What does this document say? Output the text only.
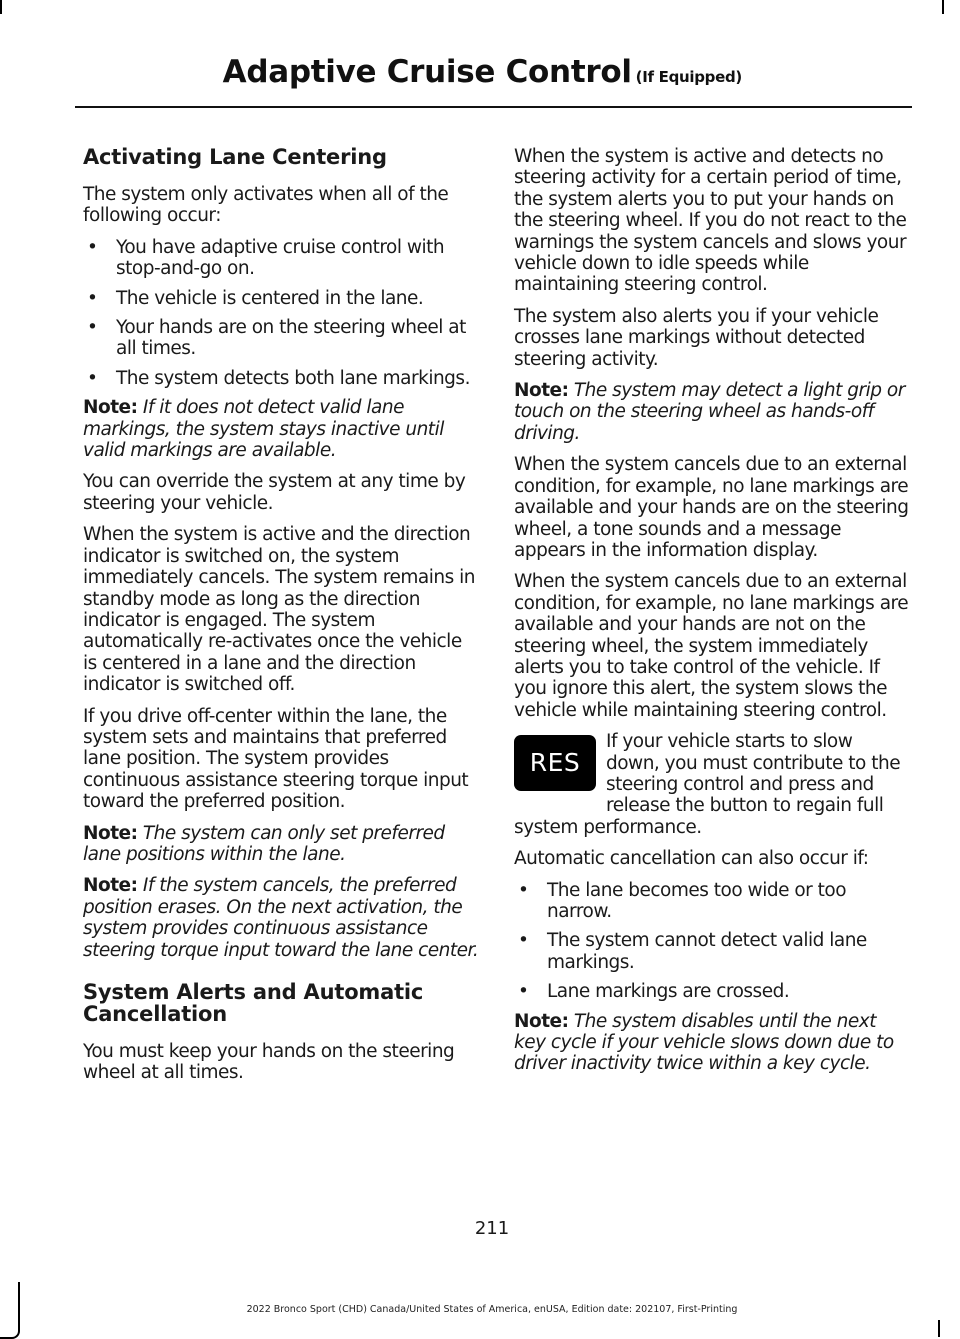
Adaptive Cruise Control (If Equipped)
Activating Lane Centering

The system only activates when all of the following occur:

• You have adaptive cruise control with stop-and-go on.
• The vehicle is centered in the lane.
• Your hands are on the steering wheel at all times.
• The system detects both lane markings.

Note: If it does not detect valid lane markings, the system stays inactive until valid markings are available.

You can override the system at any time by steering your vehicle.

When the system is active and the direction indicator is switched on, the system immediately cancels. The system remains in standby mode as long as the direction indicator is engaged. The system automatically re-activates once the vehicle is centered in a lane and the direction indicator is switched off.

If you drive off-center within the lane, the system sets and maintains that preferred lane position. The system provides continuous assistance steering torque input toward the preferred position.

Note: The system can only set preferred lane positions within the lane.

Note: If the system cancels, the preferred position erases. On the next activation, the system provides continuous assistance steering torque input toward the lane center.

System Alerts and Automatic Cancellation

You must keep your hands on the steering wheel at all times.

When the system is active and detects no steering activity for a certain period of time, the system alerts you to put your hands on the steering wheel. If you do not react to the warnings the system cancels and slows your vehicle down to idle speeds while maintaining steering control.

The system also alerts you if your vehicle crosses lane markings without detected steering activity.

Note: The system may detect a light grip or touch on the steering wheel as hands-off driving.

When the system cancels due to an external condition, for example, no lane markings are available and your hands are on the steering wheel, a tone sounds and a message appears in the information display.

When the system cancels due to an external condition, for example, no lane markings are available and your hands are not on the steering wheel, the system immediately alerts you to take control of the vehicle. If you ignore this alert, the system slows the vehicle while maintaining steering control.

RES
If your vehicle starts to slow down, you must contribute to the steering control and press and release the button to regain full system performance.

Automatic cancellation can also occur if:

• The lane becomes too wide or too narrow.
• The system cannot detect valid lane markings.
• Lane markings are crossed.

Note: The system disables until the next key cycle if your vehicle slows down due to driver inactivity twice within a key cycle.

211
2022 Bronco Sport (CHD) Canada/United States of America, enUSA, Edition date: 202107, First-Printing
